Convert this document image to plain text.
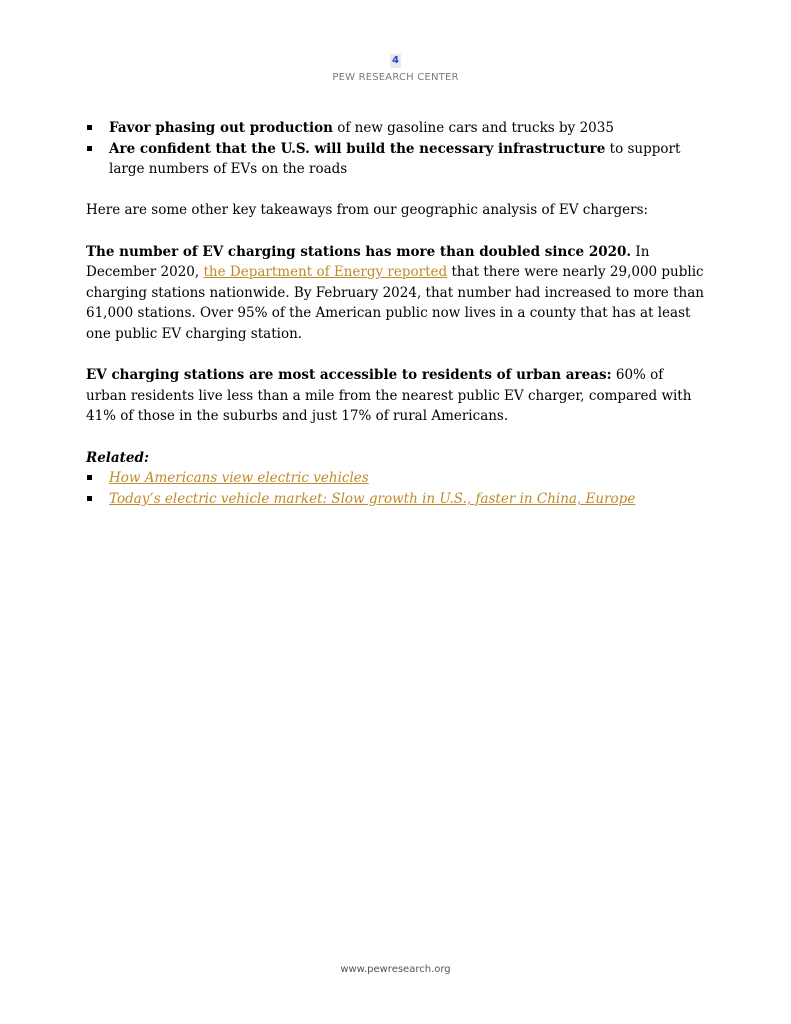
4
PEW RESEARCH CENTER
Favor phasing out production of new gasoline cars and trucks by 2035
Are confident that the U.S. will build the necessary infrastructure to support large numbers of EVs on the roads

Here are some other key takeaways from our geographic analysis of EV chargers:

The number of EV charging stations has more than doubled since 2020. In December 2020, the Department of Energy reported that there were nearly 29,000 public charging stations nationwide. By February 2024, that number had increased to more than 61,000 stations. Over 95% of the American public now lives in a county that has at least one public EV charging station.

EV charging stations are most accessible to residents of urban areas: 60% of urban residents live less than a mile from the nearest public EV charger, compared with 41% of those in the suburbs and just 17% of rural Americans.

Related:

How Americans view electric vehicles
Today’s electric vehicle market: Slow growth in U.S., faster in China, Europe
www.pewresearch.org
